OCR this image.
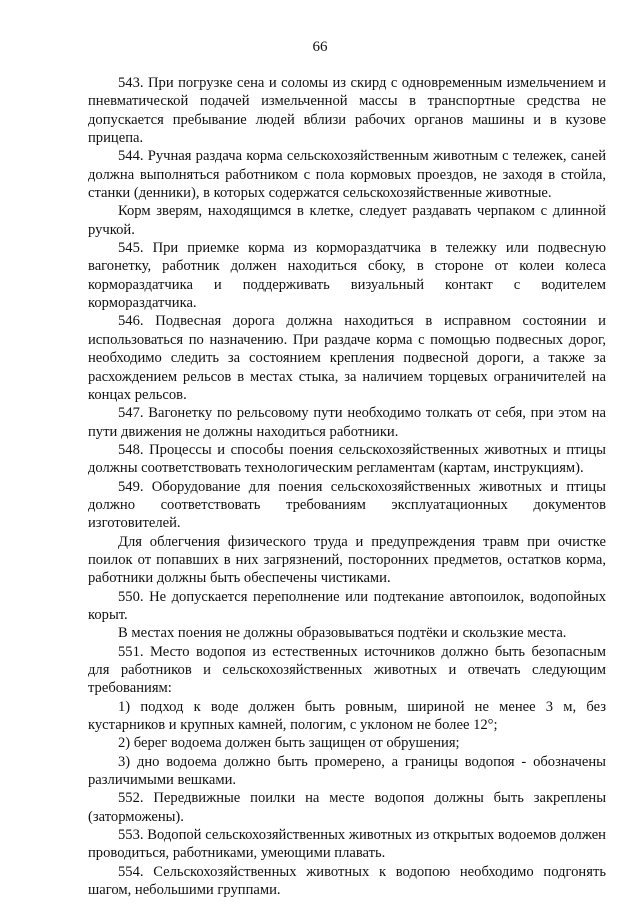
66

543. При погрузке сена и соломы из скирд с одновременным измельчением и пневматической подачей измельченной массы в транспортные средства не допускается пребывание людей вблизи рабочих органов машины и в кузове прицепа.

544. Ручная раздача корма сельскохозяйственным животным с тележек, саней должна выполняться работником с пола кормовых проездов, не заходя в стойла, станки (денники), в которых содержатся сельскохозяйственные животные.

Корм зверям, находящимся в клетке, следует раздавать черпаком с длинной ручкой.

545. При приемке корма из кормораздатчика в тележку или подвесную вагонетку, работник должен находиться сбоку, в стороне от колеи колеса кормораздатчика и поддерживать визуальный контакт с водителем кормораздатчика.

546. Подвесная дорога должна находиться в исправном состоянии и использоваться по назначению. При раздаче корма с помощью подвесных дорог, необходимо следить за состоянием крепления подвесной дороги, а также за расхождением рельсов в местах стыка, за наличием торцевых ограничителей на концах рельсов.

547. Вагонетку по рельсовому пути необходимо толкать от себя, при этом на пути движения не должны находиться работники.

548. Процессы и способы поения сельскохозяйственных животных и птицы должны соответствовать технологическим регламентам (картам, инструкциям).

549. Оборудование для поения сельскохозяйственных животных и птицы должно соответствовать требованиям эксплуатационных документов изготовителей.

Для облегчения физического труда и предупреждения травм при очистке поилок от попавших в них загрязнений, посторонних предметов, остатков корма, работники должны быть обеспечены чистиками.

550. Не допускается переполнение или подтекание автопоилок, водопойных корыт.

В местах поения не должны образовываться подтёки и скользкие места.

551. Место водопоя из естественных источников должно быть безопасным для работников и сельскохозяйственных животных и отвечать следующим требованиям:

1) подход к воде должен быть ровным, шириной не менее 3 м, без кустарников и крупных камней, пологим, с уклоном не более 12°;

2) берег водоема должен быть защищен от обрушения;

3) дно водоема должно быть промерено, а границы водопоя - обозначены различимыми вешками.

552. Передвижные поилки на месте водопоя должны быть закреплены (заторможены).

553. Водопой сельскохозяйственных животных из открытых водоемов должен проводиться, работниками, умеющими плавать.

554. Сельскохозяйственных животных к водопою необходимо подгонять шагом, небольшими группами.
